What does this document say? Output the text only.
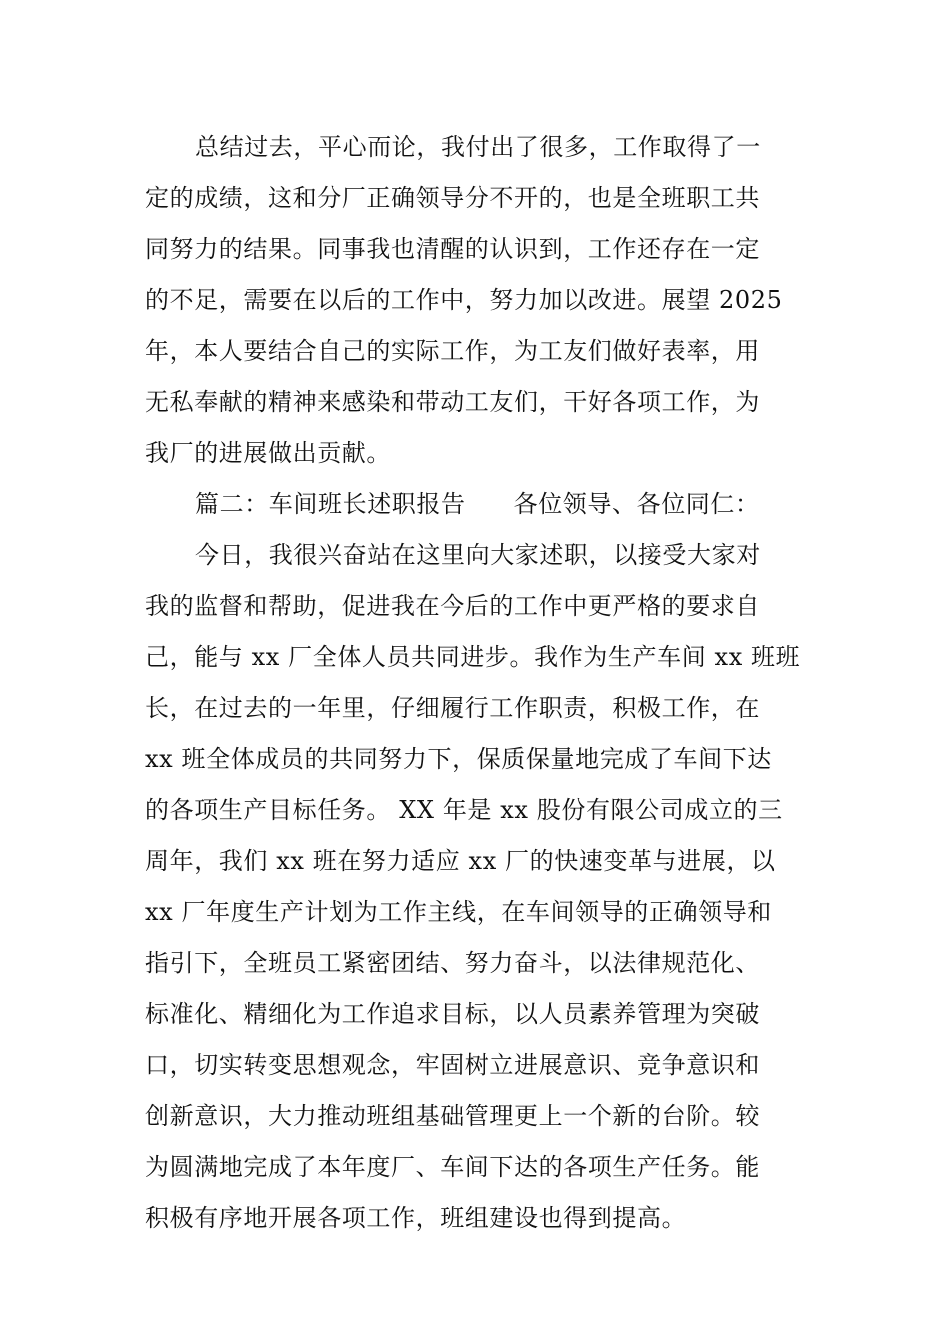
总结过去，平心而论，我付出了很多，工作取得了一
定的成绩，这和分厂正确领导分不开的，也是全班职工共
同努力的结果。同事我也清醒的认识到，工作还存在一定
的不足，需要在以后的工作中，努力加以改进。展望 2025
年，本人要结合自己的实际工作，为工友们做好表率，用
无私奉献的精神来感染和带动工友们，干好各项工作，为
我厂的进展做出贡献。
篇二：车间班长述职报告 各位领导、各位同仁：
今日，我很兴奋站在这里向大家述职，以接受大家对
我的监督和帮助，促进我在今后的工作中更严格的要求自
己，能与 xx 厂全体人员共同进步。我作为生产车间 xx 班班
长，在过去的一年里，仔细履行工作职责，积极工作，在
xx 班全体成员的共同努力下，保质保量地完成了车间下达
的各项生产目标任务。 XX 年是 xx 股份有限公司成立的三
周年，我们 xx 班在努力适应 xx 厂的快速变革与进展，以
xx 厂年度生产计划为工作主线，在车间领导的正确领导和
指引下，全班员工紧密团结、努力奋斗，以法律规范化、
标准化、精细化为工作追求目标，以人员素养管理为突破
口，切实转变思想观念，牢固树立进展意识、竞争意识和
创新意识，大力推动班组基础管理更上一个新的台阶。较
为圆满地完成了本年度厂、车间下达的各项生产任务。能
积极有序地开展各项工作，班组建设也得到提高。
